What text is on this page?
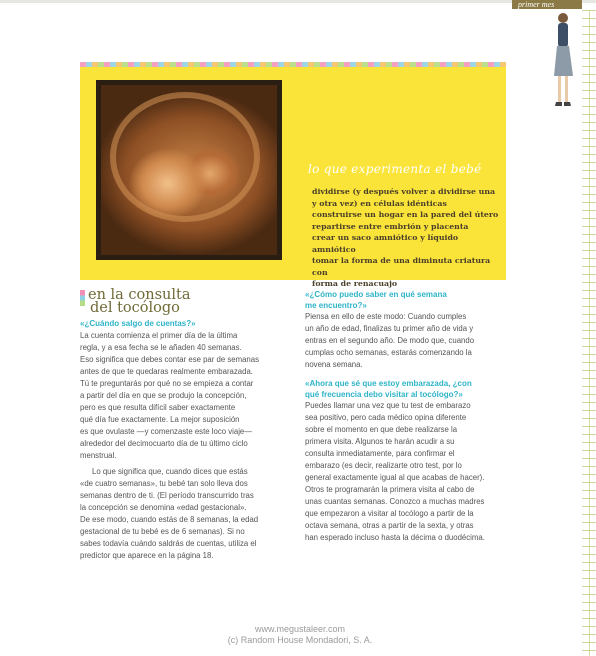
primer mes
lo que experimenta el bebé
dividirse (y después volver a dividirse una
y otra vez) en células idénticas
construirse un hogar en la pared del útero
repartirse entre embrión y placenta
crear un saco amniótico y líquido amniótico
tomar la forma de una diminuta criatura con
forma de renacuajo
en la consulta
del tocólogo
«¿Cuándo salgo de cuentas?»
La cuenta comienza el primer día de la última
regla, y a esa fecha se le añaden 40 semanas.
Eso significa que debes contar ese par de semanas
antes de que te quedaras realmente embarazada.
Tú te preguntarás por qué no se empieza a contar
a partir del día en que se produjo la concepción,
pero es que resulta difícil saber exactamente
qué día fue exactamente. La mejor suposición
es que ovulaste —y comenzaste este loco viaje—
alrededor del decimocuarto día de tu último ciclo
menstrual.
Lo que significa que, cuando dices que estás
«de cuatro semanas», tu bebé tan solo lleva dos
semanas dentro de ti. (El período transcurrido tras
la concepción se denomina «edad gestacional».
De ese modo, cuando estás de 8 semanas, la edad
gestacional de tu bebé es de 6 semanas). Si no
sabes todavía cuándo saldrás de cuentas, utiliza el
predictor que aparece en la página 18.
«¿Cómo puedo saber en qué semana
me encuentro?»
Piensa en ello de este modo: Cuando cumples
un año de edad, finalizas tu primer año de vida y
entras en el segundo año. De modo que, cuando
cumplas ocho semanas, estarás comenzando la
novena semana.
«Ahora que sé que estoy embarazada, ¿con
qué frecuencia debo visitar al tocólogo?»
Puedes llamar una vez que tu test de embarazo
sea positivo, pero cada médico opina diferente
sobre el momento en que debe realizarse la
primera visita. Algunos te harán acudir a su
consulta inmediatamente, para confirmar el
embarazo (es decir, realizarte otro test, por lo
general exactamente igual al que acabas de hacer).
Otros te programarán la primera visita al cabo de
unas cuantas semanas. Conozco a muchas madres
que empezaron a visitar al tocólogo a partir de la
octava semana, otras a partir de la sexta, y otras
han esperado incluso hasta la décima o duodécima.
www.megustaleer.com
(c) Random House Mondadori, S. A.
